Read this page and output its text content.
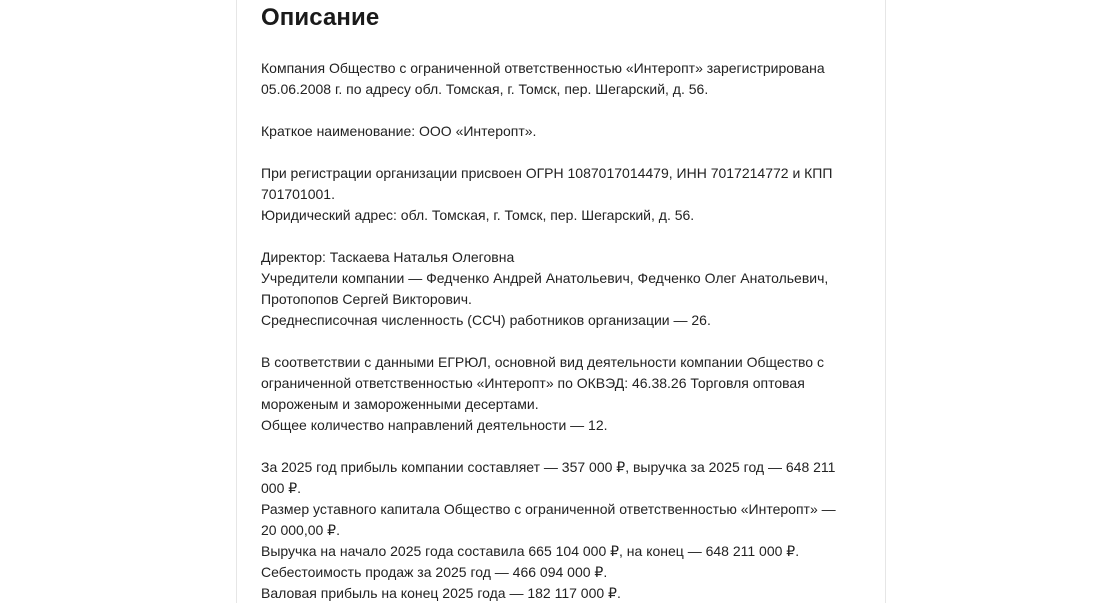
Описание

Компания Общество с ограниченной ответственностью «Интеропт» зарегистрирована 05.06.2008 г. по адресу обл. Томская, г. Томск, пер. Шегарский, д. 56.

Краткое наименование: ООО «Интеропт».

При регистрации организации присвоен ОГРН 1087017014479, ИНН 7017214772 и КПП 701701001.
Юридический адрес: обл. Томская, г. Томск, пер. Шегарский, д. 56.

Директор: Таскаева Наталья Олеговна
Учредители компании — Федченко Андрей Анатольевич, Федченко Олег Анатольевич, Протопопов Сергей Викторович.
Среднесписочная численность (ССЧ) работников организации — 26.

В соответствии с данными ЕГРЮЛ, основной вид деятельности компании Общество с ограниченной ответственностью «Интеропт» по ОКВЭД: 46.38.26 Торговля оптовая мороженым и замороженными десертами.
Общее количество направлений деятельности — 12.

За 2025 год прибыль компании составляет — 357 000 ₽, выручка за 2025 год — 648 211 000 ₽.
Размер уставного капитала Общество с ограниченной ответственностью «Интеропт» — 20 000,00 ₽.
Выручка на начало 2025 года составила 665 104 000 ₽, на конец — 648 211 000 ₽.
Себестоимость продаж за 2025 год — 466 094 000 ₽.
Валовая прибыль на конец 2025 года — 182 117 000 ₽.
